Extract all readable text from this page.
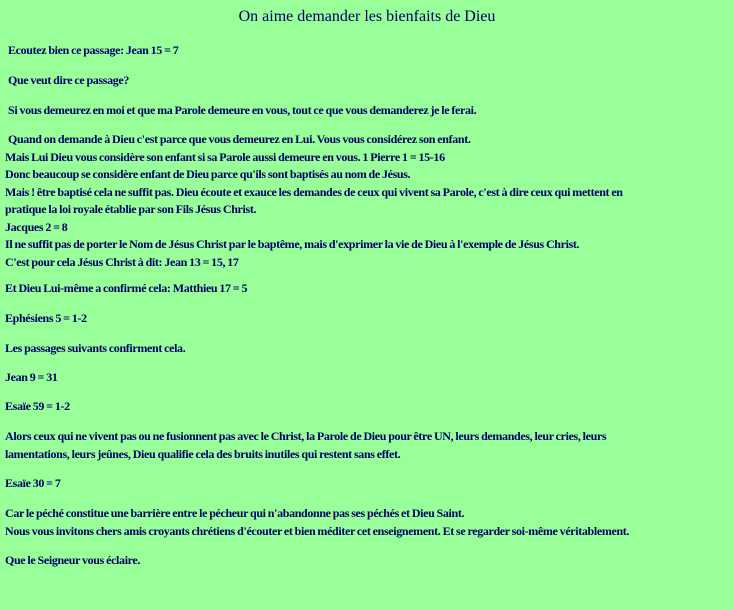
On aime demander les bienfaits de Dieu

Ecoutez bien ce passage: Jean 15 = 7

Que veut dire ce passage?

Si vous demeurez en moi et que ma Parole demeure en vous, tout ce que vous demanderez je le ferai.

Quand on demande à Dieu c'est parce que vous demeurez en Lui. Vous vous considérez son enfant.
Mais Lui Dieu vous considère son enfant si sa Parole aussi demeure en vous. 1 Pierre 1 = 15-16
Donc beaucoup se considère enfant de Dieu parce qu'ils sont baptisés au nom de Jésus.
Mais ! être baptisé cela ne suffit pas. Dieu écoute et exauce les demandes de ceux qui vivent sa Parole, c'est à dire ceux qui mettent en
pratique la loi royale établie par son Fils Jésus Christ.
Jacques 2 = 8
Il ne suffit pas de porter le Nom de Jésus Christ par le baptême, mais d'exprimer la vie de Dieu à l'exemple de Jésus Christ.
C'est pour cela Jésus Christ à dit: Jean 13 = 15, 17

Et Dieu Lui-même a confirmé cela: Matthieu 17 = 5

Ephésiens 5 = 1-2

Les passages suivants confirment cela.

Jean 9 = 31

Esaïe 59 = 1-2

Alors ceux qui ne vivent pas ou ne fusionnent pas avec le Christ, la Parole de Dieu pour être UN, leurs demandes, leur cries, leurs
lamentations, leurs jeûnes, Dieu qualifie cela des bruits inutiles qui restent sans effet.

Esaïe 30 = 7

Car le péché constitue une barrière entre le pécheur qui n'abandonne pas ses péchés et Dieu Saint.
Nous vous invitons chers amis croyants chrétiens d'écouter et bien méditer cet enseignement. Et se regarder soi-même véritablement.

Que le Seigneur vous éclaire.
